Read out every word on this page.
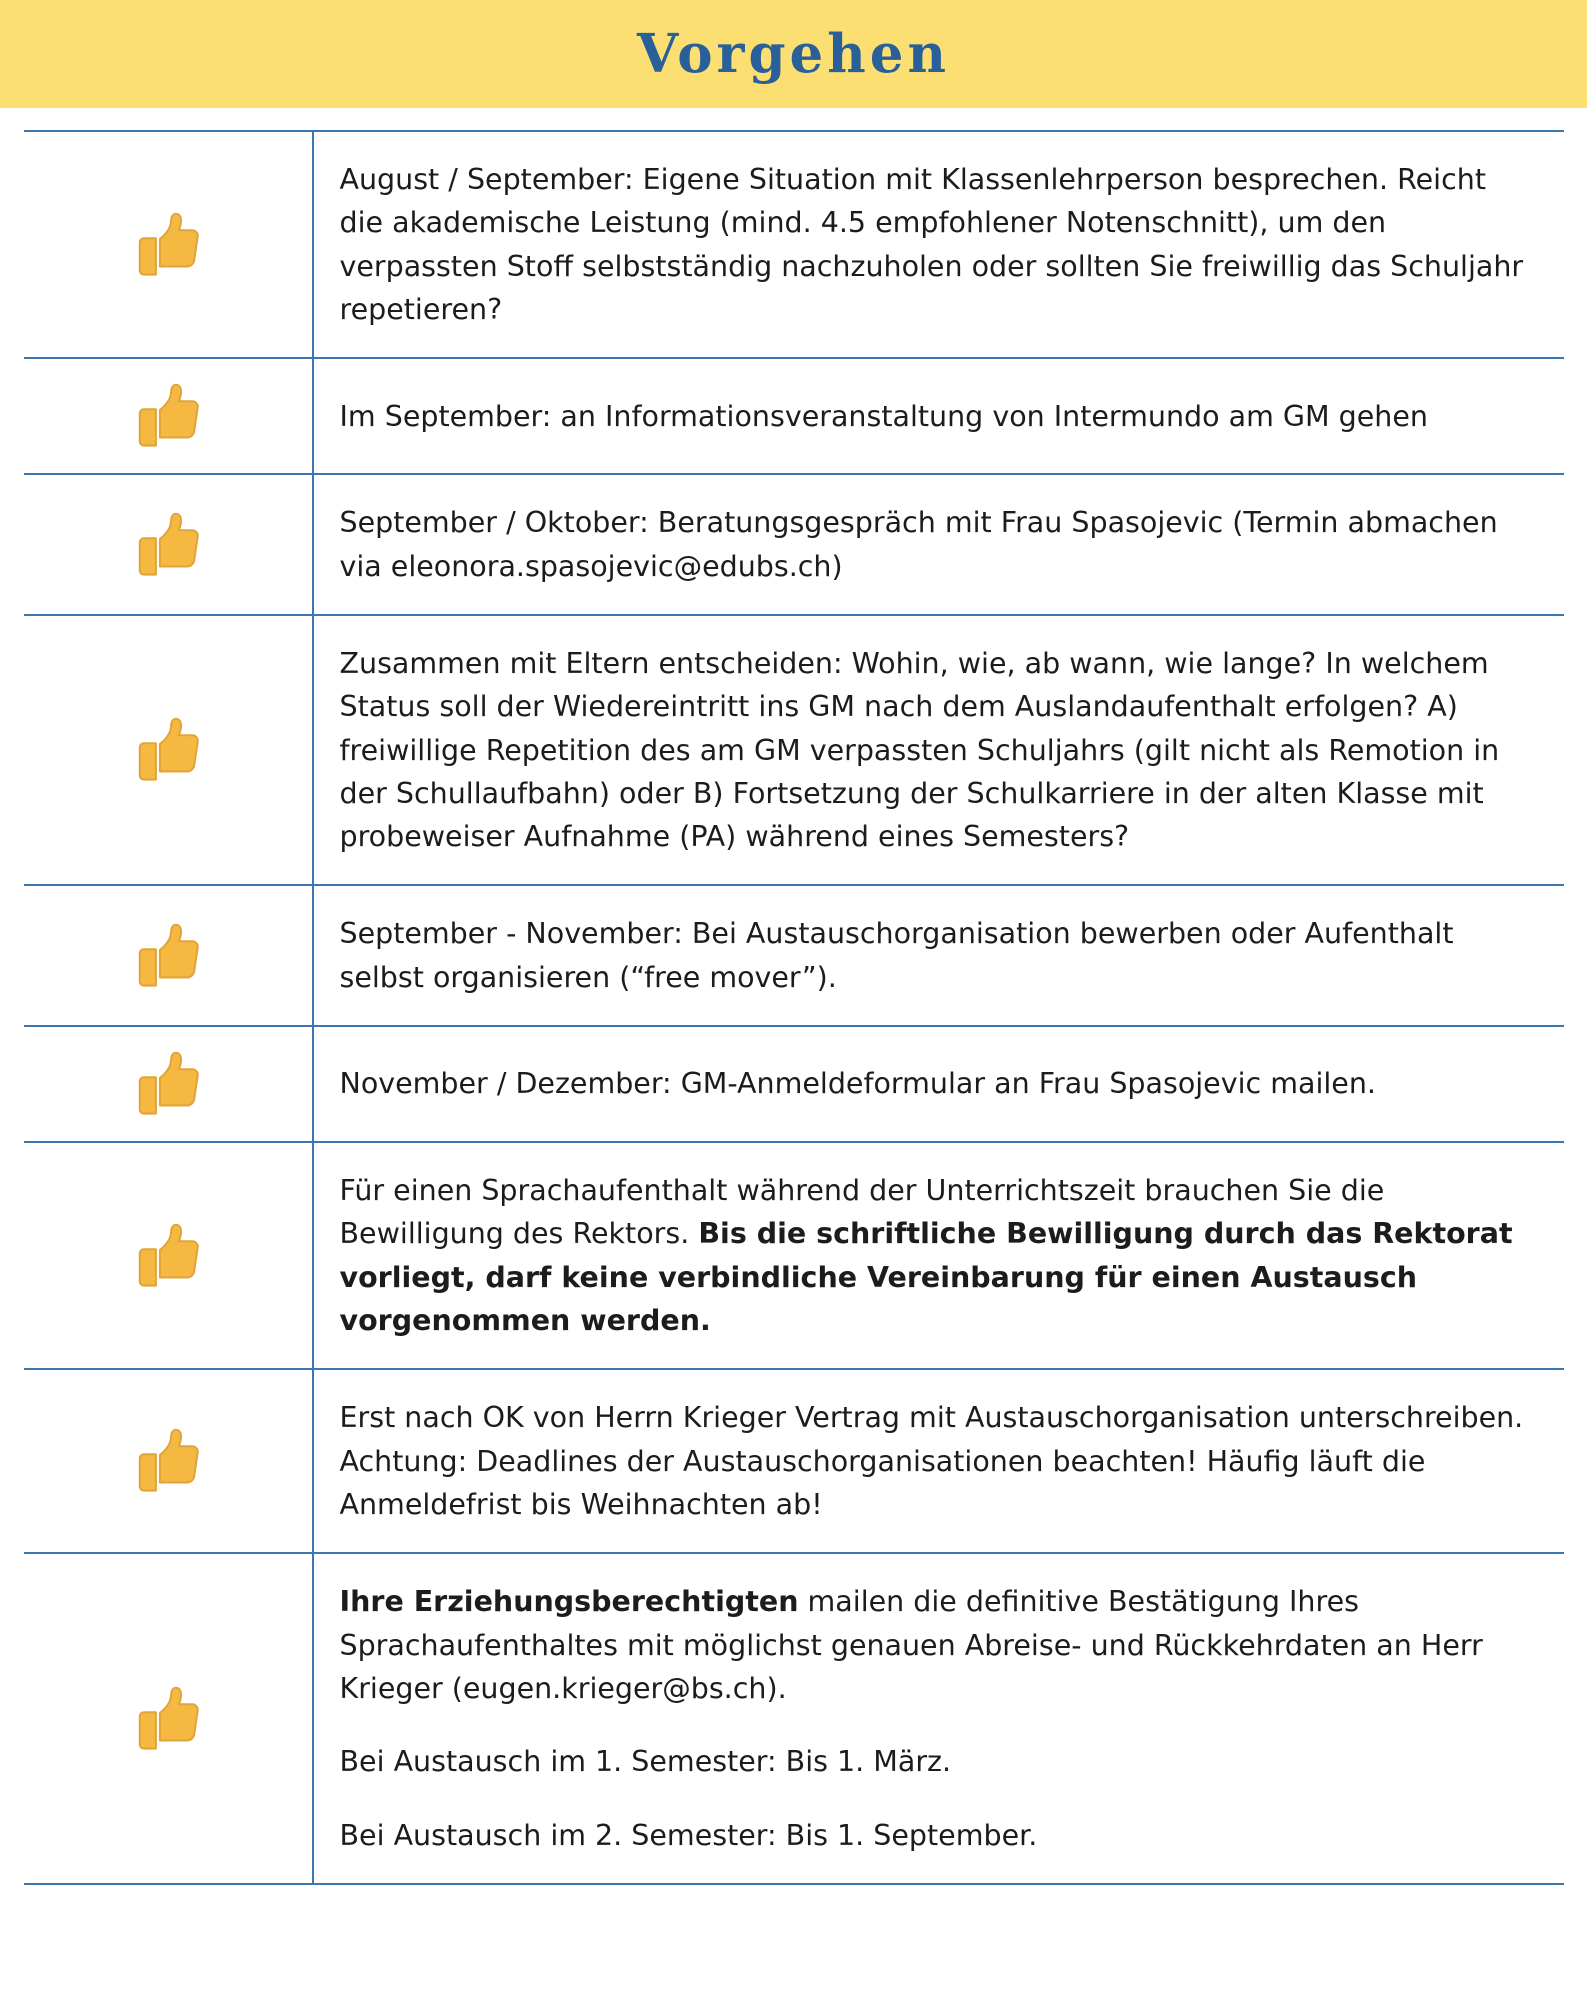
Vorgehen

August / September: Eigene Situation mit Klassenlehrperson besprechen. Reicht die akademische Leistung (mind. 4.5 empfohlener Notenschnitt), um den verpassten Stoff selbstständig nachzuholen oder sollten Sie freiwillig das Schuljahr repetieren?

Im September: an Informationsveranstaltung von Intermundo am GM gehen

September / Oktober: Beratungsgespräch mit Frau Spasojevic (Termin abmachen via eleonora.spasojevic@edubs.ch)

Zusammen mit Eltern entscheiden: Wohin, wie, ab wann, wie lange? In welchem Status soll der Wiedereintritt ins GM nach dem Auslandaufenthalt erfolgen? A) freiwillige Repetition des am GM verpassten Schuljahrs (gilt nicht als Remotion in der Schullaufbahn) oder B) Fortsetzung der Schulkarriere in der alten Klasse mit probeweiser Aufnahme (PA) während eines Semesters?

September - November: Bei Austauschorganisation bewerben oder Aufenthalt selbst organisieren (“free mover”).

November / Dezember: GM-Anmeldeformular an Frau Spasojevic mailen.

Für einen Sprachaufenthalt während der Unterrichtszeit brauchen Sie die Bewilligung des Rektors. Bis die schriftliche Bewilligung durch das Rektorat vorliegt, darf keine verbindliche Vereinbarung für einen Austausch vorgenommen werden.

Erst nach OK von Herrn Krieger Vertrag mit Austauschorganisation unterschreiben. Achtung: Deadlines der Austauschorganisationen beachten! Häufig läuft die Anmeldefrist bis Weihnachten ab!

Ihre Erziehungsberechtigten mailen die definitive Bestätigung Ihres Sprachaufenthaltes mit möglichst genauen Abreise- und Rückkehrdaten an Herr Krieger (eugen.krieger@bs.ch).

Bei Austausch im 1. Semester: Bis 1. März.

Bei Austausch im 2. Semester: Bis 1. September.
